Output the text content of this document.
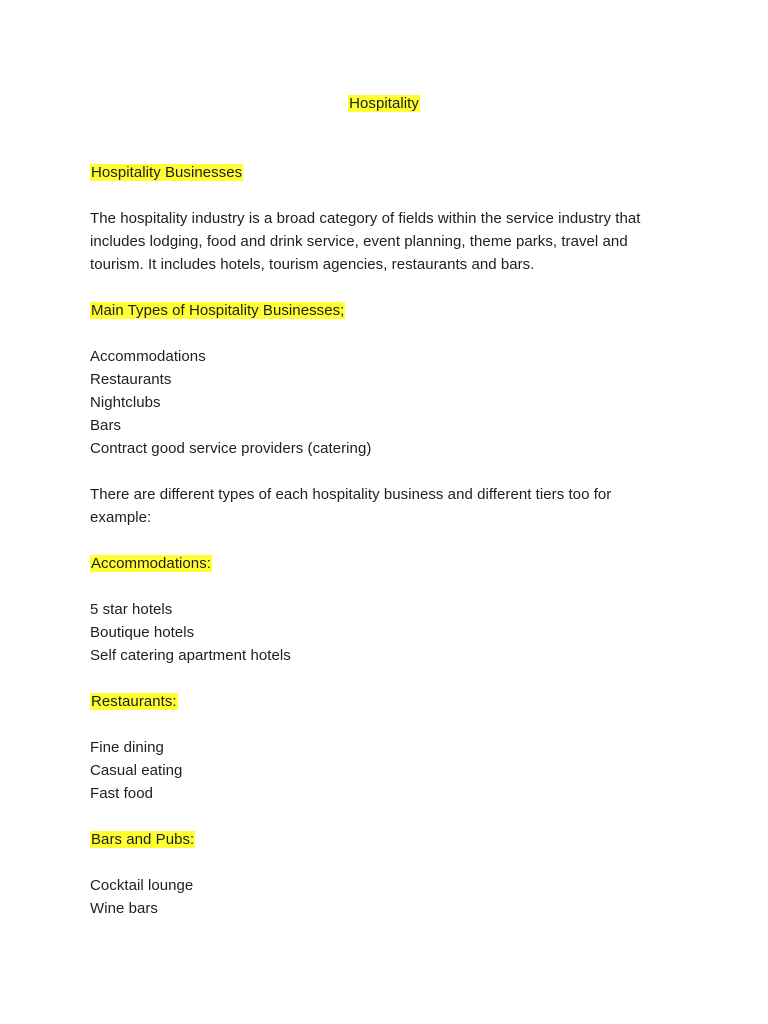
Hospitality
Hospitality Businesses

The hospitality industry is a broad category of fields within the service industry that includes lodging, food and drink service, event planning, theme parks, travel and tourism. It includes hotels, tourism agencies, restaurants and bars.

Main Types of Hospitality Businesses;
Accommodations
Restaurants
Nightclubs
Bars
Contract good service providers (catering)

There are different types of each hospitality business and different tiers too for example:

Accommodations:
5 star hotels
Boutique hotels
Self catering apartment hotels
Restaurants:
Fine dining
Casual eating
Fast food
Bars and Pubs:
Cocktail lounge
Wine bars
